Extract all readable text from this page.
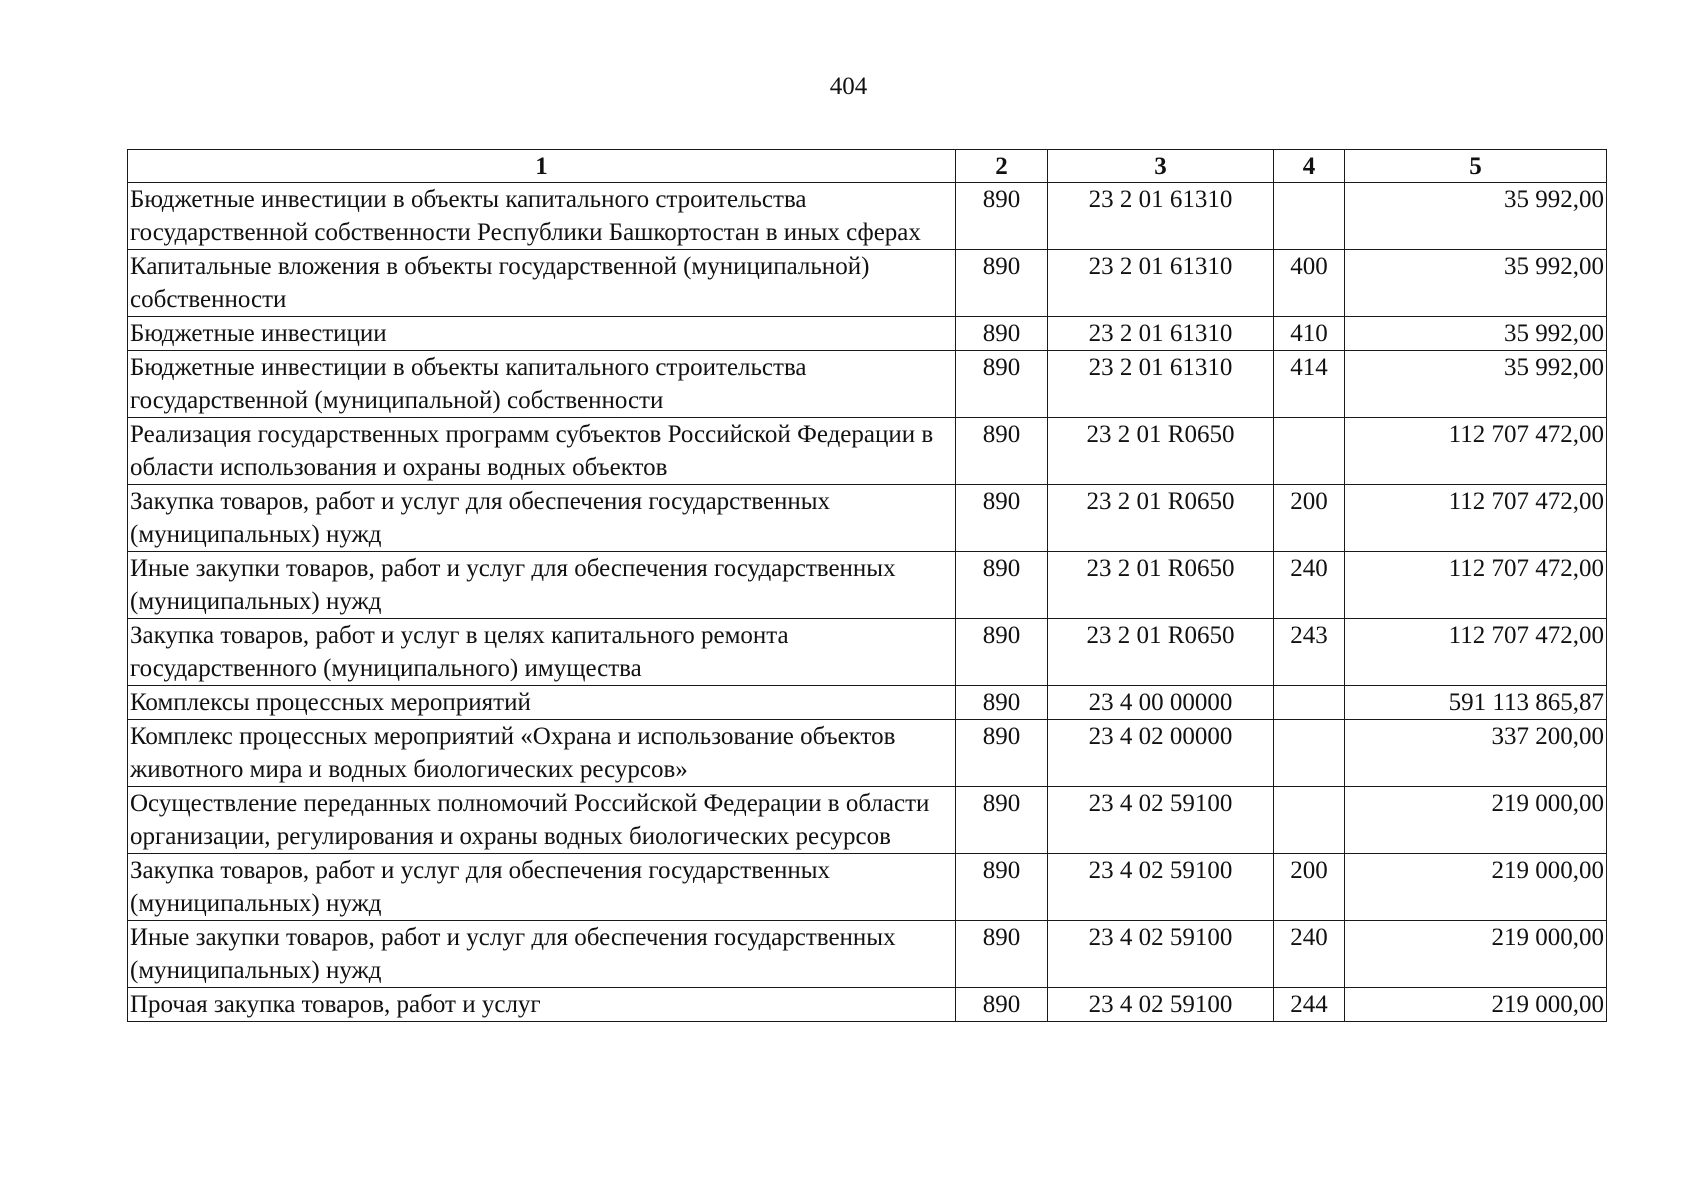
404
1	2	3	4	5
Бюджетные инвестиции в объекты капитального строительства государственной собственности Республики Башкортостан в иных сферах	890	23 2 01 61310		35 992,00
Капитальные вложения в объекты государственной (муниципальной) собственности	890	23 2 01 61310	400	35 992,00
Бюджетные инвестиции	890	23 2 01 61310	410	35 992,00
Бюджетные инвестиции в объекты капитального строительства государственной (муниципальной) собственности	890	23 2 01 61310	414	35 992,00
Реализация государственных программ субъектов Российской Федерации в области использования и охраны водных объектов	890	23 2 01 R0650		112 707 472,00
Закупка товаров, работ и услуг для обеспечения государственных (муниципальных) нужд	890	23 2 01 R0650	200	112 707 472,00
Иные закупки товаров, работ и услуг для обеспечения государственных (муниципальных) нужд	890	23 2 01 R0650	240	112 707 472,00
Закупка товаров, работ и услуг в целях капитального ремонта государственного (муниципального) имущества	890	23 2 01 R0650	243	112 707 472,00
Комплексы процессных мероприятий	890	23 4 00 00000		591 113 865,87
Комплекс процессных мероприятий «Охрана и использование объектов животного мира и водных биологических ресурсов»	890	23 4 02 00000		337 200,00
Осуществление переданных полномочий Российской Федерации в области организации, регулирования и охраны водных биологических ресурсов	890	23 4 02 59100		219 000,00
Закупка товаров, работ и услуг для обеспечения государственных (муниципальных) нужд	890	23 4 02 59100	200	219 000,00
Иные закупки товаров, работ и услуг для обеспечения государственных (муниципальных) нужд	890	23 4 02 59100	240	219 000,00
Прочая закупка товаров, работ и услуг	890	23 4 02 59100	244	219 000,00
